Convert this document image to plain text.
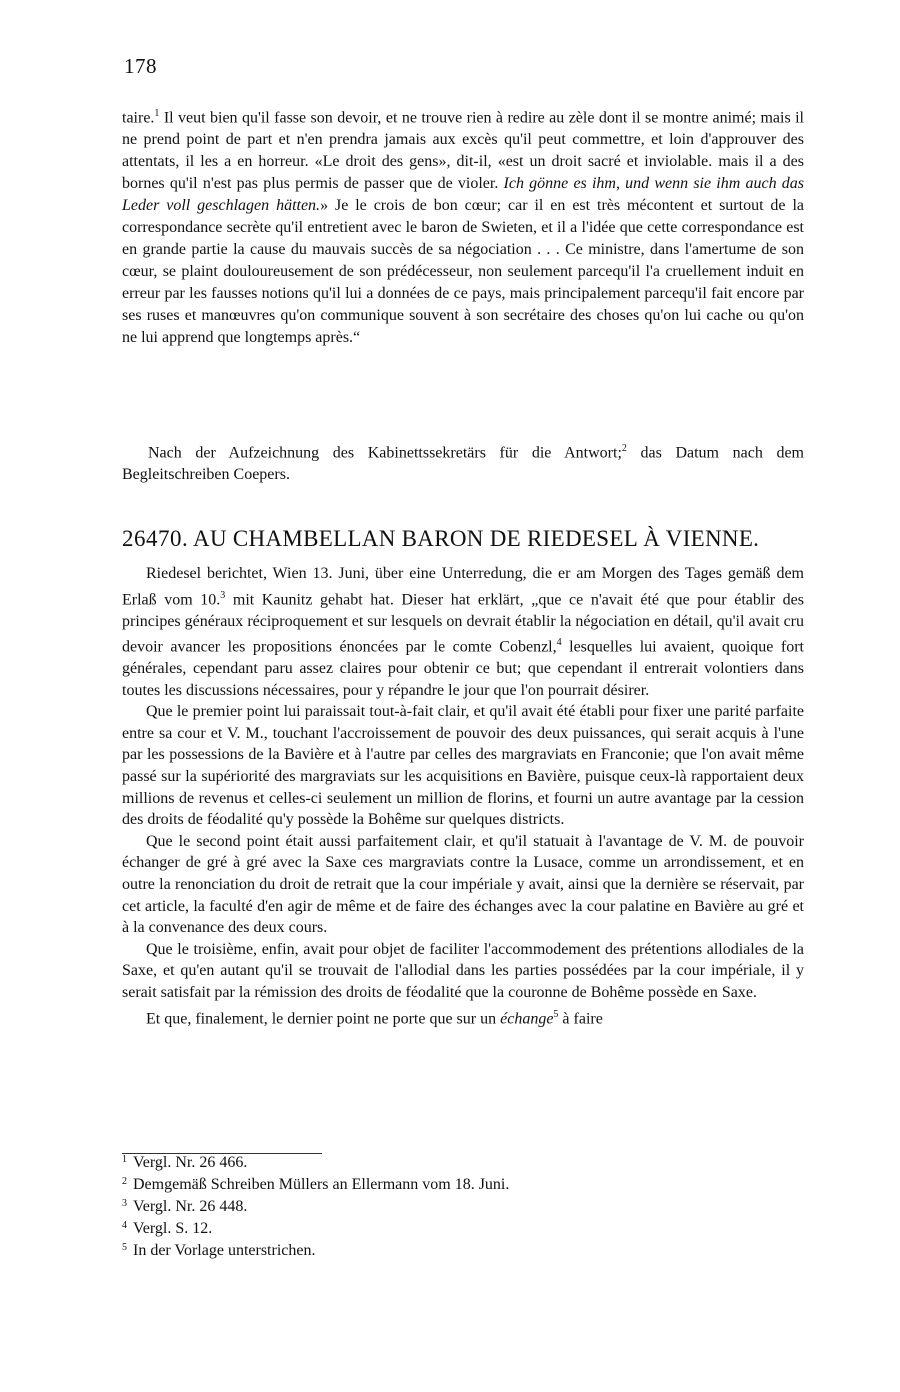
178

taire.$^1$ Il veut bien qu'il fasse son devoir, et ne trouve rien à redire au zèle dont il se montre animé; mais il ne prend point de part et n'en prendra jamais aux excès qu'il peut commettre, et loin d'approuver des attentats, il les a en horreur. «Le droit des gens», dit-il, «est un droit sacré et inviolable. mais il a des bornes qu'il n'est pas plus permis de passer que de violer. Ich gönne es ihm, und wenn sie ihm auch das Leder voll geschlagen hätten.» Je le crois de bon cœur; car il en est très mécontent et surtout de la correspondance secrète qu'il entretient avec le baron de Swieten, et il a l'idée que cette correspondance est en grande partie la cause du mauvais succès de sa négociation . . . Ce ministre, dans l'amertume de son cœur, se plaint douloureusement de son prédécesseur, non seulement parcequ'il l'a cruellement induit en erreur par les fausses notions qu'il lui a données de ce pays, mais principalement parcequ'il fait encore par ses ruses et manœuvres qu'on communique souvent à son secrétaire des choses qu'on lui cache ou qu'on ne lui apprend que longtemps après.“

Nach der Aufzeichnung des Kabinettssekretärs für die Antwort;$^2$ das Datum nach dem Begleitschreiben Coepers.

26470. AU CHAMBELLAN BARON DE RIEDESEL À VIENNE.

Riedesel berichtet, Wien 13. Juni, über eine Unterredung, die er am Morgen des Tages gemäß dem Erlaß vom 10.$^3$ mit Kaunitz gehabt hat. Dieser hat erklärt, „que ce n'avait été que pour établir des principes généraux réciproquement et sur lesquels on devrait établir la négociation en détail, qu'il avait cru devoir avancer les propositions énoncées par le comte Cobenzl,$^4$ lesquelles lui avaient, quoique fort générales, cependant paru assez claires pour obtenir ce but; que cependant il entrerait volontiers dans toutes les discussions nécessaires, pour y répandre le jour que l'on pourrait désirer.

Que le premier point lui paraissait tout-à-fait clair, et qu'il avait été établi pour fixer une parité parfaite entre sa cour et V. M., touchant l'accroissement de pouvoir des deux puissances, qui serait acquis à l'une par les possessions de la Bavière et à l'autre par celles des margraviats en Franconie; que l'on avait même passé sur la supériorité des margraviats sur les acquisitions en Bavière, puisque ceux-là rapportaient deux millions de revenus et celles-ci seulement un million de florins, et fourni un autre avantage par la cession des droits de féodalité qu'y possède la Bohême sur quelques districts.

Que le second point était aussi parfaitement clair, et qu'il statuait à l'avantage de V. M. de pouvoir échanger de gré à gré avec la Saxe ces margraviats contre la Lusace, comme un arrondissement, et en outre la renonciation du droit de retrait que la cour impériale y avait, ainsi que la dernière se réservait, par cet article, la faculté d'en agir de même et de faire des échanges avec la cour palatine en Bavière au gré et à la convenance des deux cours.

Que le troisième, enfin, avait pour objet de faciliter l'accommodement des prétentions allodiales de la Saxe, et qu'en autant qu'il se trouvait de l'allodial dans les parties possédées par la cour impériale, il y serait satisfait par la rémission des droits de féodalité que la couronne de Bohême possède en Saxe.

Et que, finalement, le dernier point ne porte que sur un échange$^5$ à faire

$^1$ Vergl. Nr. 26 466.
$^2$ Demgemäß Schreiben Müllers an Ellermann vom 18. Juni.
$^3$ Vergl. Nr. 26 448.
$^4$ Vergl. S. 12.
$^5$ In der Vorlage unterstrichen.
